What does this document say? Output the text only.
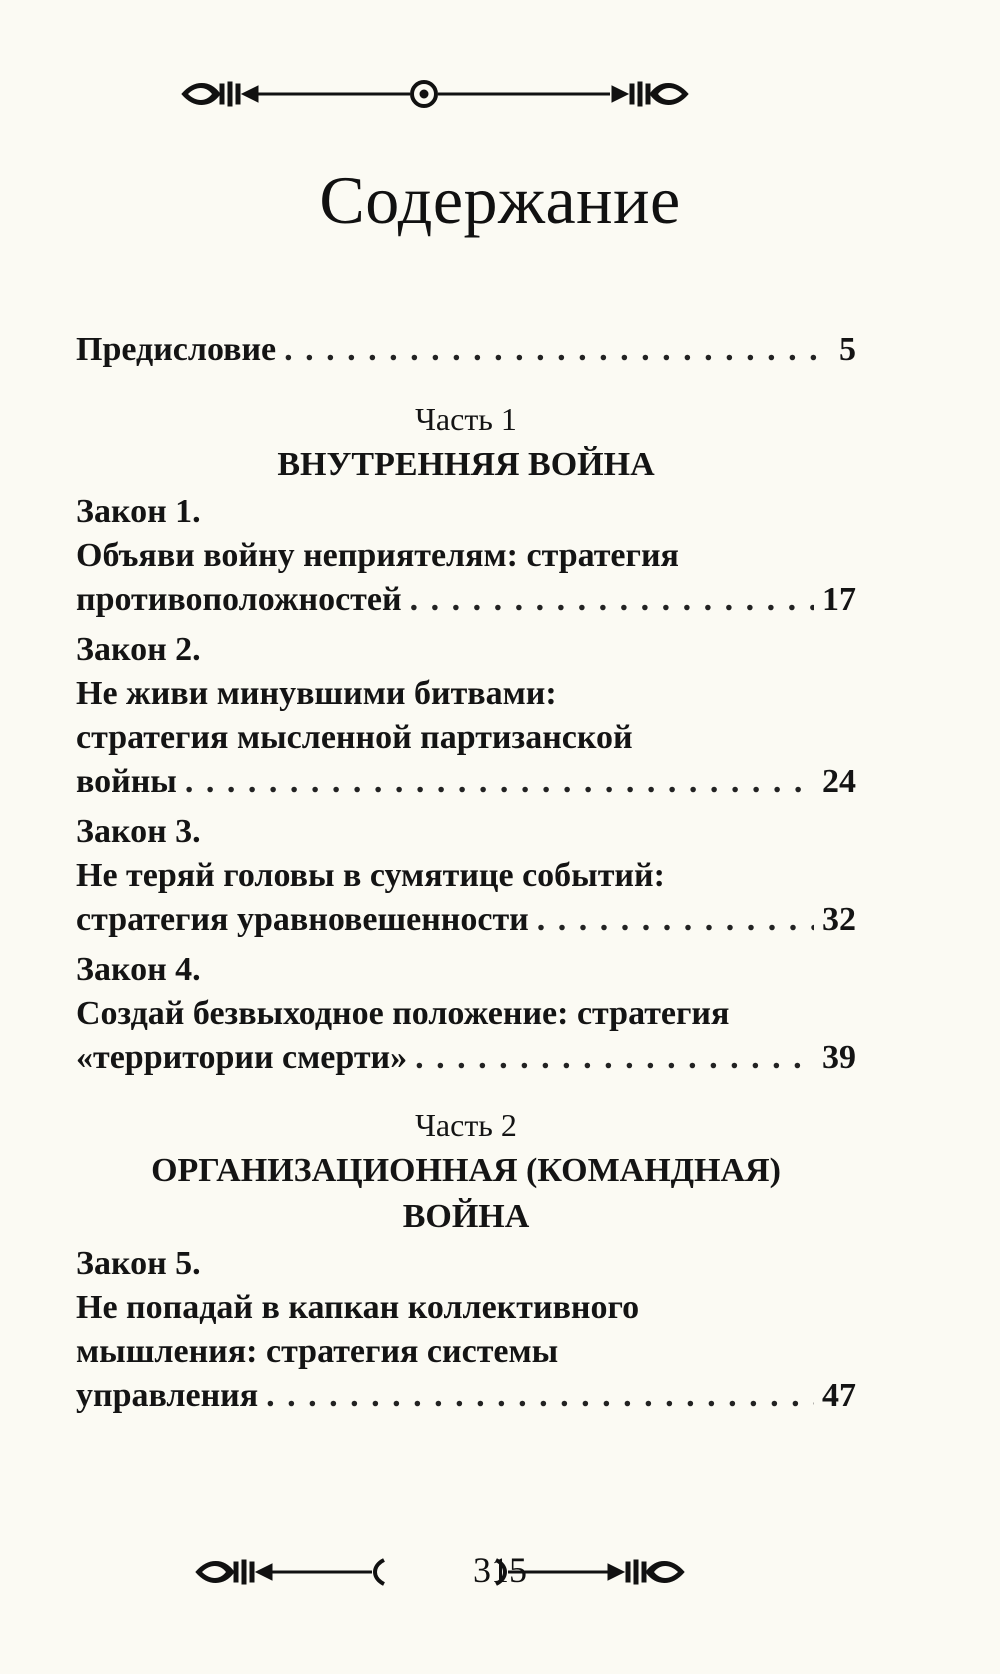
Содержание
Предисловие . . .	5
Часть 1
ВНУТРЕННЯЯ ВОЙНА
Закон 1.
Объяви войну неприятелям: стратегия
противоположностей . . .	17
Закон 2.
Не живи минувшими битвами:
стратегия мысленной партизанской
войны . . .	24
Закон 3.
Не теряй головы в сумятице событий:
стратегия уравновешенности . . .	32
Закон 4.
Создай безвыходное положение: стратегия
«территории смерти» . . .	39
Часть 2
ОРГАНИЗАЦИОННАЯ (КОМАНДНАЯ)
ВОЙНА
Закон 5.
Не попадай в капкан коллективного
мышления: стратегия системы
управления . . .	47
315
